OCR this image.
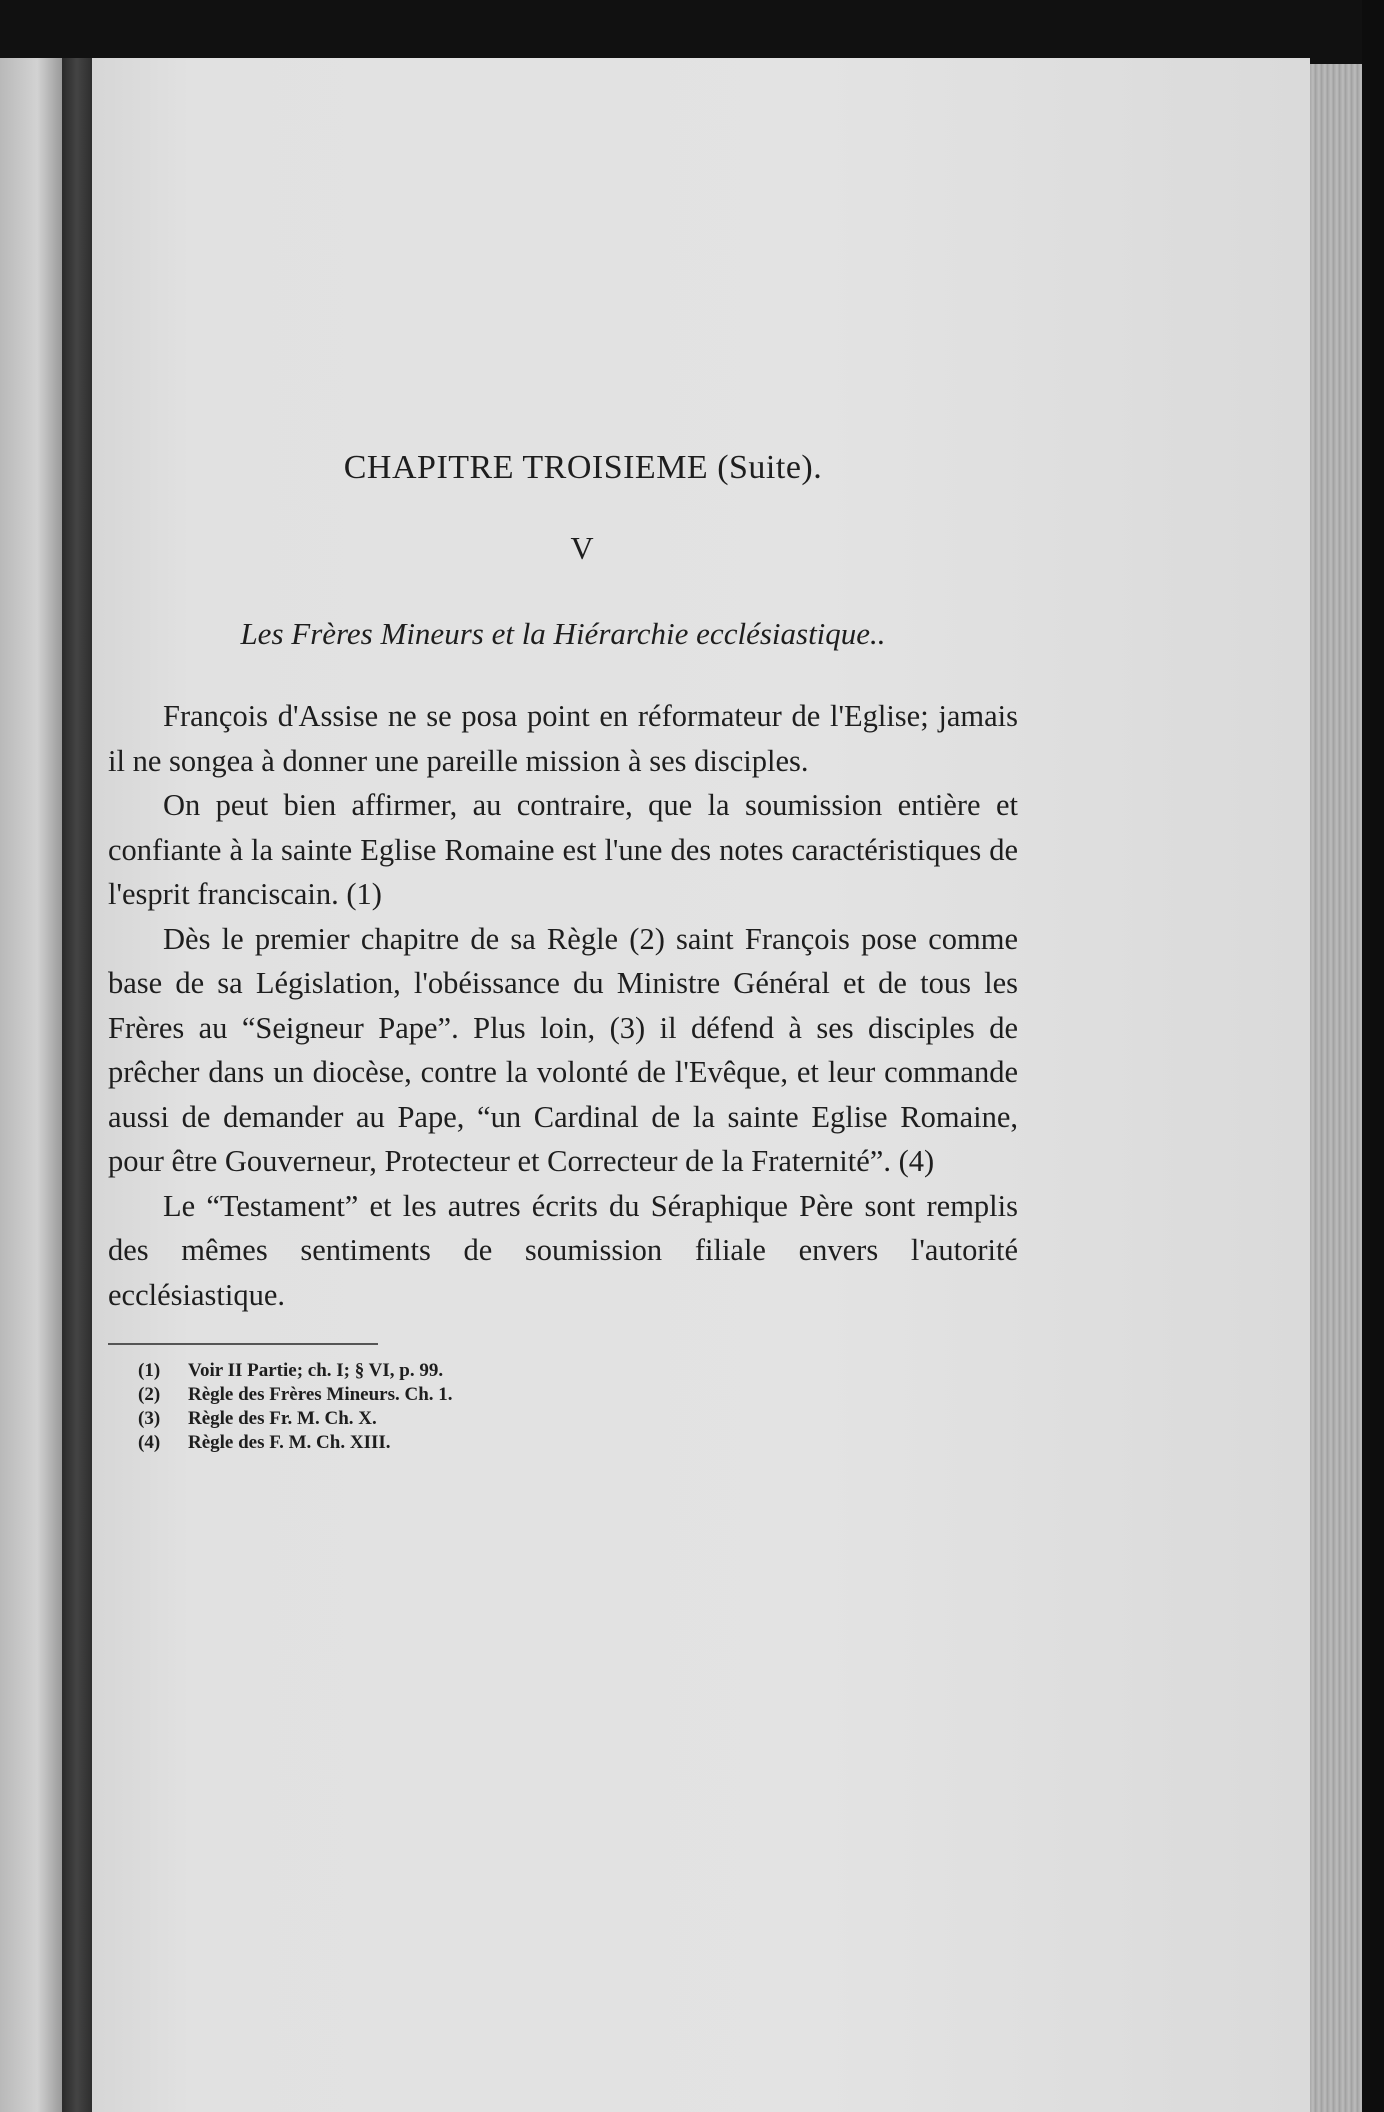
CHAPITRE TROISIEME (Suite).
V
Les Frères Mineurs et la Hiérarchie ecclésiastique..

François d'Assise ne se posa point en réformateur de l'Eglise; jamais il ne songea à donner une pareille mission à ses disciples.

On peut bien affirmer, au contraire, que la soumission entière et confiante à la sainte Eglise Romaine est l'une des notes caractéristiques de l'esprit franciscain. (1)

Dès le premier chapitre de sa Règle (2) saint François pose comme base de sa Législation, l'obéissance du Ministre Général et de tous les Frères au “Seigneur Pape”. Plus loin, (3) il défend à ses disciples de prêcher dans un diocèse, contre la volonté de l'Evêque, et leur commande aussi de demander au Pape, “un Cardinal de la sainte Eglise Romaine, pour être Gouverneur, Protecteur et Correcteur de la Fraternité”. (4)

Le “Testament” et les autres écrits du Séraphique Père sont remplis des mêmes sentiments de soumission filiale envers l'autorité ecclésiastique.

(1) Voir II Partie; ch. I; § VI, p. 99.
(2) Règle des Frères Mineurs. Ch. 1.
(3) Règle des Fr. M. Ch. X.
(4) Règle des F. M. Ch. XIII.
